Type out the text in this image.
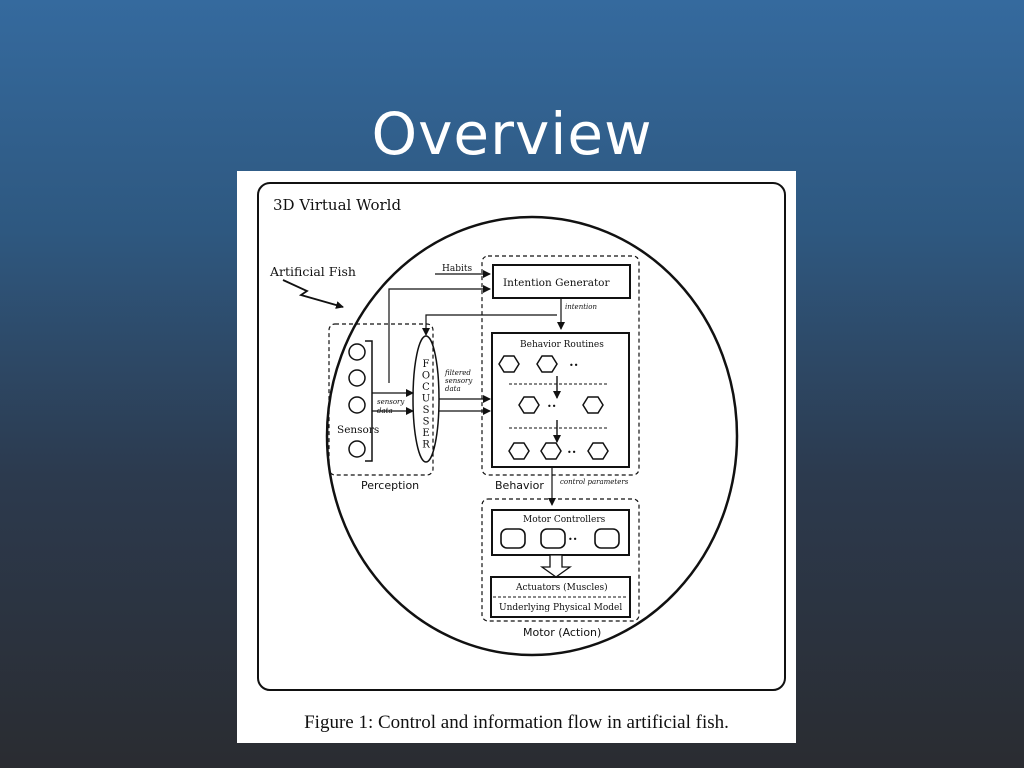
Overview
3D Virtual World
Artificial Fish
Perception
Sensors
sensory
data
F
O
C
U
S
S
E
R
filtered
sensory
data
Habits
Behavior control parameters
Intention Generator
intention
Behavior Routines
••
••
••
Motor (Action)
Motor Controllers
••
Actuators (Muscles)
Underlying Physical Model
Figure 1: Control and information flow in artificial fish.
